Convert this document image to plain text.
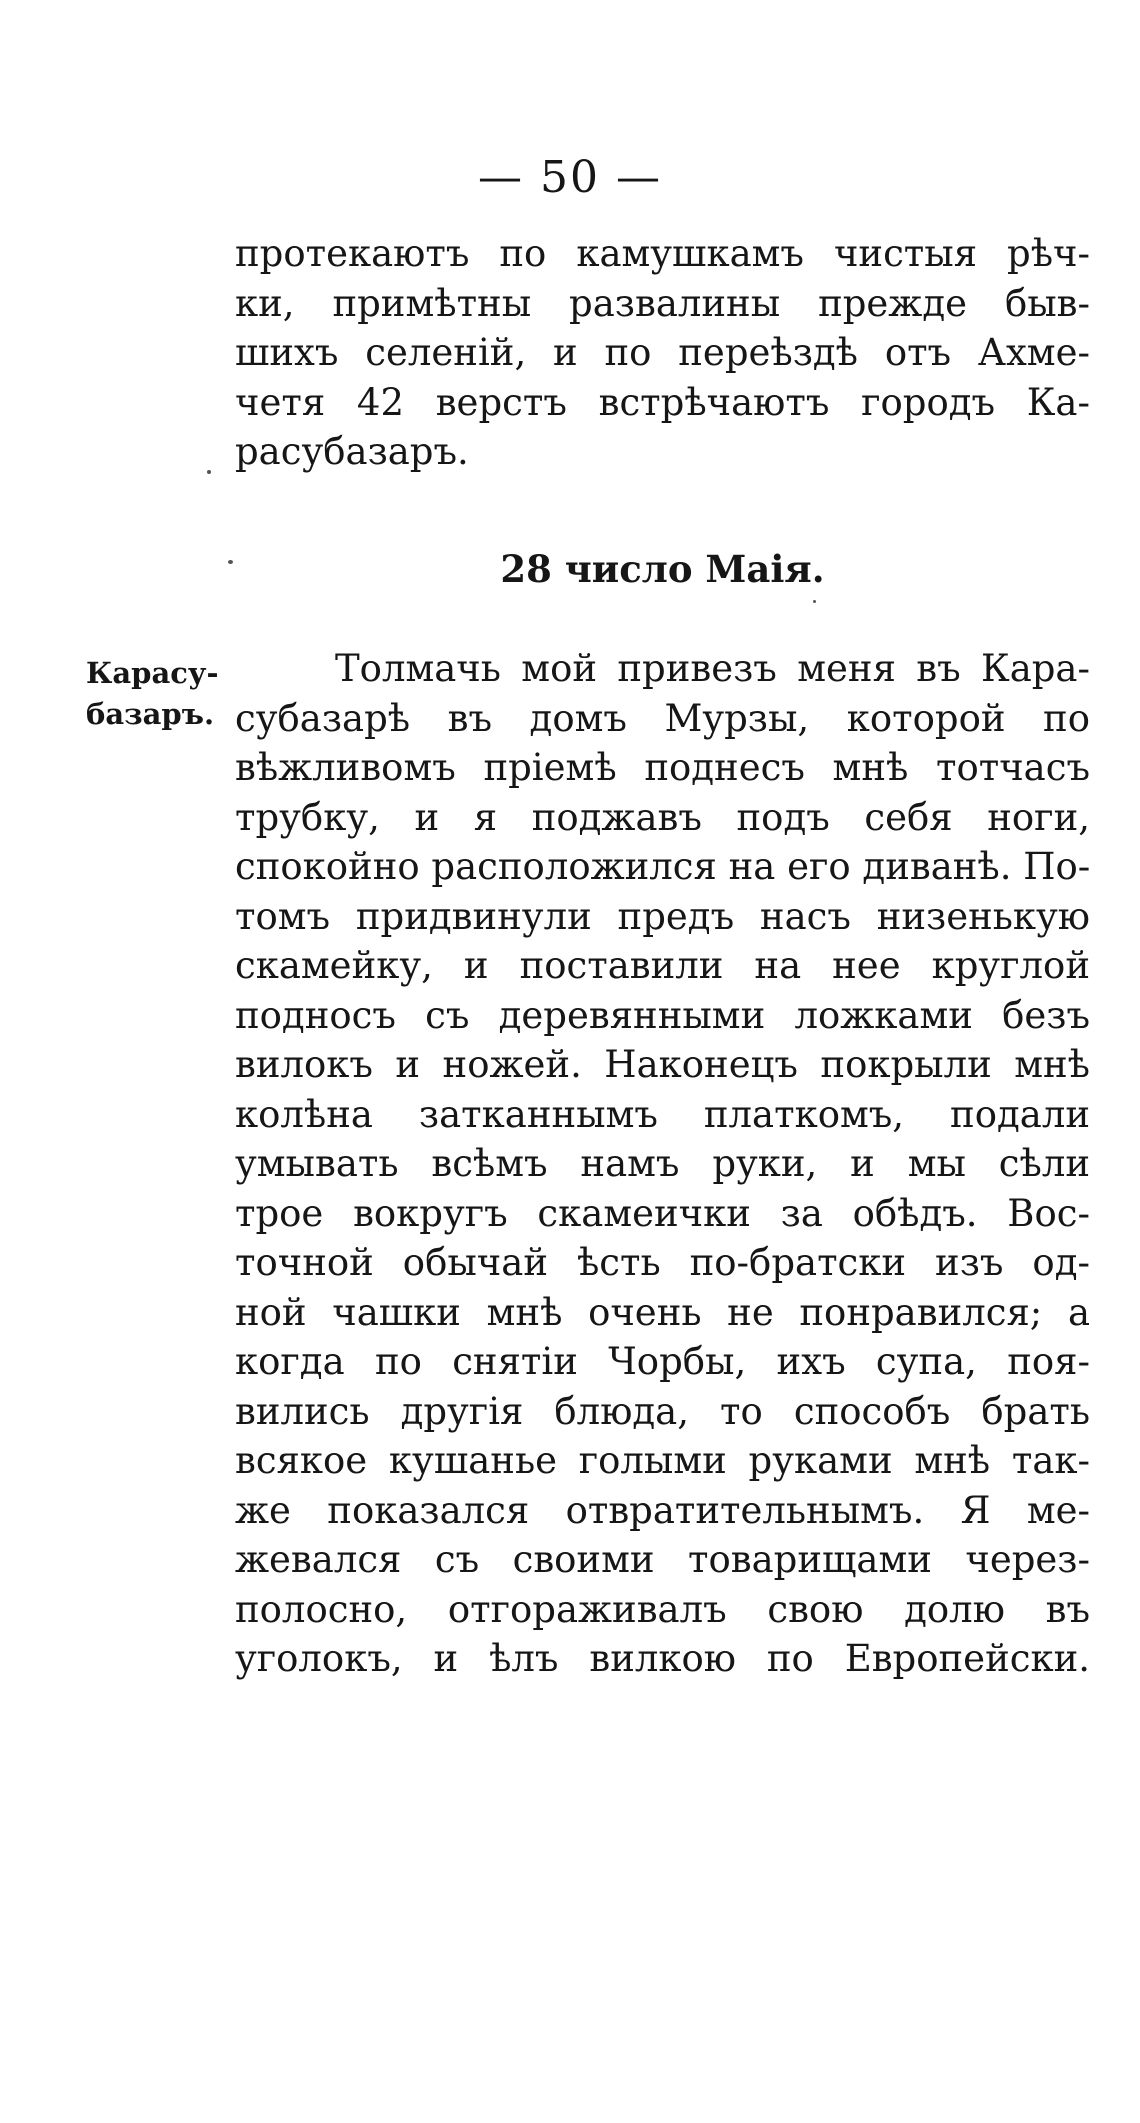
— 50 —
протекаютъ по камушкамъ чистыя рѣч-
ки, примѣтны развалины прежде быв-
шихъ селеній, и по переѣздѣ отъ Ахме-
четя 42 верстъ встрѣчаютъ городъ Ка-
расубазаръ.
28 число Маія.
Карасу-
базаръ.
Толмачь мой привезъ меня въ Кара-
субазарѣ въ домъ Мурзы, которой по
вѣжливомъ пріемѣ поднесъ мнѣ тотчасъ
трубку, и я поджавъ подъ себя ноги,
спокойно расположился на его диванѣ. По-
томъ придвинули предъ насъ низенькую
скамейку, и поставили на нее круглой
подносъ съ деревянными ложками безъ
вилокъ и ножей. Наконецъ покрыли мнѣ
колѣна затканнымъ платкомъ, подали
умывать всѣмъ намъ руки, и мы сѣли
трое вокругъ скамеички за обѣдъ. Вос-
точной обычай ѣсть по-братски изъ од-
ной чашки мнѣ очень не понравился; а
когда по снятіи Чорбы, ихъ супа, поя-
вились другія блюда, то способъ брать
всякое кушанье голыми руками мнѣ так-
же показался отвратительнымъ. Я ме-
жевался съ своими товарищами через-
полосно, отгораживалъ свою долю въ
уголокъ, и ѣлъ вилкою по Европейски.
